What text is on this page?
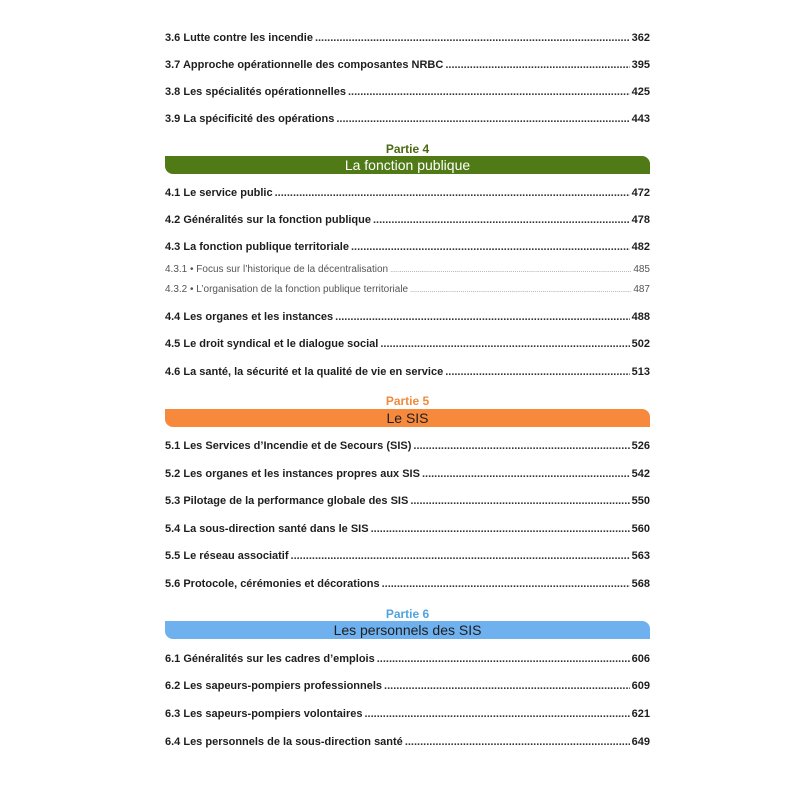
3.6 Lutte contre les incendie .....	362
3.7 Approche opérationnelle des composantes NRBC .....	395
3.8 Les spécialités opérationnelles .....	425
3.9 La spécificité des opérations .....	443
Partie 4
La fonction publique
4.1 Le service public .....	472
4.2 Généralités sur la fonction publique .....	478
4.3 La fonction publique territoriale .....	482
4.3.1 • Focus sur l’historique de la décentralisation .....	485
4.3.2 • L’organisation de la fonction publique territoriale .....	487
4.4 Les organes et les instances .....	488
4.5 Le droit syndical et le dialogue social .....	502
4.6 La santé, la sécurité et la qualité de vie en service .....	513
Partie 5
Le SIS
5.1 Les Services d’Incendie et de Secours (SIS) .....	526
5.2 Les organes et les instances propres aux SIS .....	542
5.3 Pilotage de la performance globale des SIS .....	550
5.4 La sous-direction santé dans le SIS .....	560
5.5 Le réseau associatif .....	563
5.6 Protocole, cérémonies et décorations .....	568
Partie 6
Les personnels des SIS
6.1 Généralités sur les cadres d’emplois .....	606
6.2 Les sapeurs-pompiers professionnels .....	609
6.3 Les sapeurs-pompiers volontaires .....	621
6.4 Les personnels de la sous-direction santé .....	649
